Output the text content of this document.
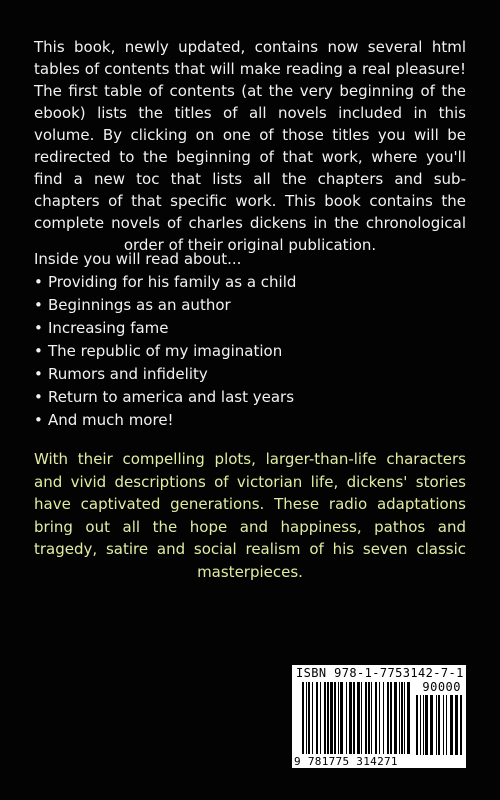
This book, newly updated, contains now several html tables of contents that will make reading a real pleasure! The first table of contents (at the very beginning of the ebook) lists the titles of all novels included in this volume. By clicking on one of those titles you will be redirected to the beginning of that work, where you'll find a new toc that lists all the chapters and sub-chapters of that specific work. This book contains the complete novels of charles dickens in the chronological order of their original publication.

Inside you will read about...

• Providing for his family as a child
• Beginnings as an author
• Increasing fame
• The republic of my imagination
• Rumors and infidelity
• Return to america and last years
• And much more!

With their compelling plots, larger-than-life characters and vivid descriptions of victorian life, dickens' stories have captivated generations. These radio adaptations bring out all the hope and happiness, pathos and tragedy, satire and social realism of his seven classic masterpieces.

ISBN 978-1-7753142-7-1
90000
9 781775 314271
